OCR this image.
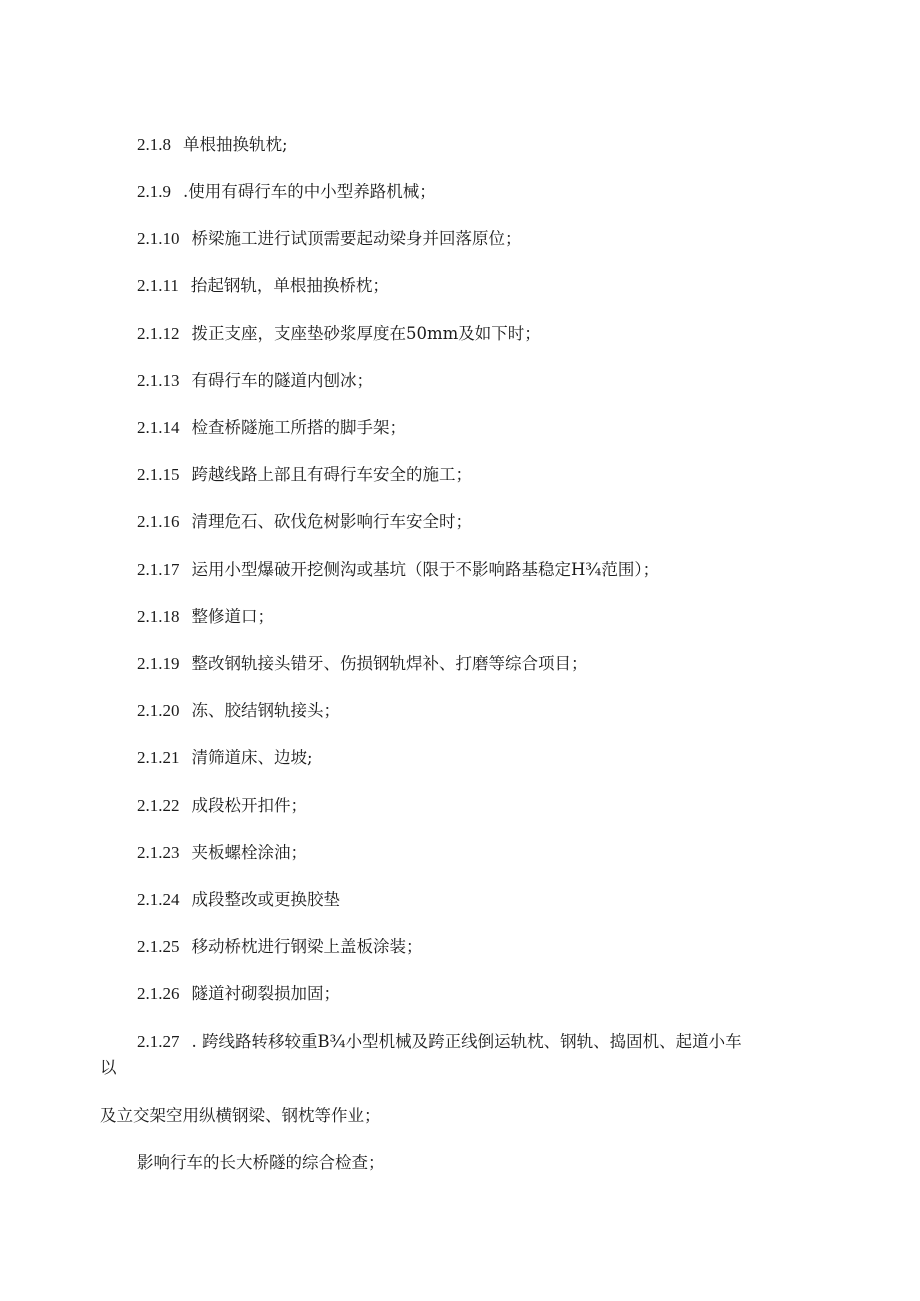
2.1.8 单根抽换轨枕;
2.1.9 .使用有碍行车的中小型养路机械；
2.1.10 桥梁施工进行试顶需要起动梁身并回落原位；
2.1.11 抬起钢轨，单根抽换桥枕；
2.1.12 拨正支座，支座垫砂浆厚度在50mm及如下时；
2.1.13 有碍行车的隧道内刨冰；
2.1.14 检查桥隧施工所搭的脚手架；
2.1.15 跨越线路上部且有碍行车安全的施工；
2.1.16 清理危石、砍伐危树影响行车安全时；
2.1.17 运用小型爆破开挖侧沟或基坑（限于不影响路基稳定H¾范围）；
2.1.18 整修道口；
2.1.19 整改钢轨接头错牙、伤损钢轨焊补、打磨等综合项目；
2.1.20 冻、胶结钢轨接头；
2.1.21 清筛道床、边坡;
2.1.22 成段松开扣件；
2.1.23 夹板螺栓涂油；
2.1.24 成段整改或更换胶垫
2.1.25 移动桥枕进行钢梁上盖板涂装；
2.1.26 隧道衬砌裂损加固；
2.1.27 . 跨线路转移较重B¾小型机械及跨正线倒运轨枕、钢轨、捣固机、起道小车
以
及立交架空用纵横钢梁、钢枕等作业；
影响行车的长大桥隧的综合检查；
